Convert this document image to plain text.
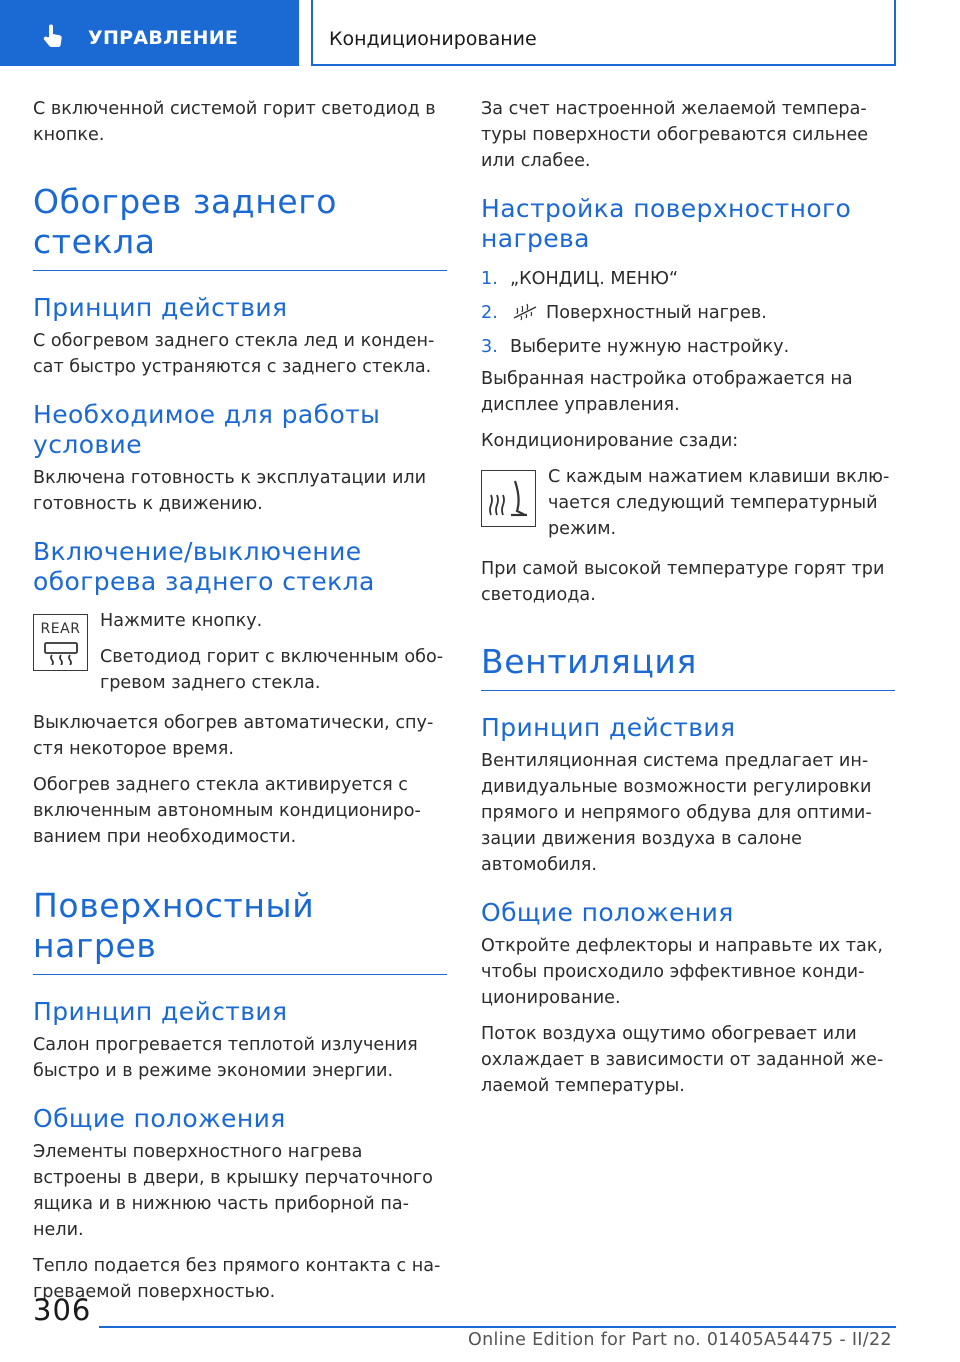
УПРАВЛЕНИЕ	Кондиционирование

С включенной системой горит светодиод в кнопке.

Обогрев заднего стекла
Принцип действия

С обогревом заднего стекла лед и конден-сат быстро устраняются с заднего стекла.

Необходимое для работы условие

Включена готовность к эксплуатации или готовность к движению.

Включение/выключение обогрева заднего стекла
REAR	Нажмите кнопку.

Светодиод горит с включенным обо-гревом заднего стекла.

Выключается обогрев автоматически, спу-стя некоторое время.

Обогрев заднего стекла активируется с включенным автономным кондициониро-ванием при необходимости.

Поверхностный нагрев
Принцип действия

Салон прогревается теплотой излучения быстро и в режиме экономии энергии.

Общие положения

Элементы поверхностного нагрева встроены в двери, в крышку перчаточного ящика и в нижнюю часть приборной па-нели.

Тепло подается без прямого контакта с на-греваемой поверхностью.

За счет настроенной желаемой темпера-туры поверхности обогреваются сильнее или слабее.

Настройка поверхностного нагрева
1. „КОНДИЦ. МЕНЮ“
2.	Поверхностный нагрев.
3. Выберите нужную настройку.

Выбранная настройка отображается на дисплее управления.

Кондиционирование сзади:

С каждым нажатием клавиши вклю-чается следующий температурный режим.

При самой высокой температуре горят три светодиода.

Вентиляция
Принцип действия

Вентиляционная система предлагает ин-дивидуальные возможности регулировки прямого и непрямого обдува для оптими-зации движения воздуха в салоне автомобиля.

Общие положения

Откройте дефлекторы и направьте их так, чтобы происходило эффективное конди-ционирование.

Поток воздуха ощутимо обогревает или охлаждает в зависимости от заданной же-лаемой температуры.

306
Online Edition for Part no. 01405A54475 - II/22
